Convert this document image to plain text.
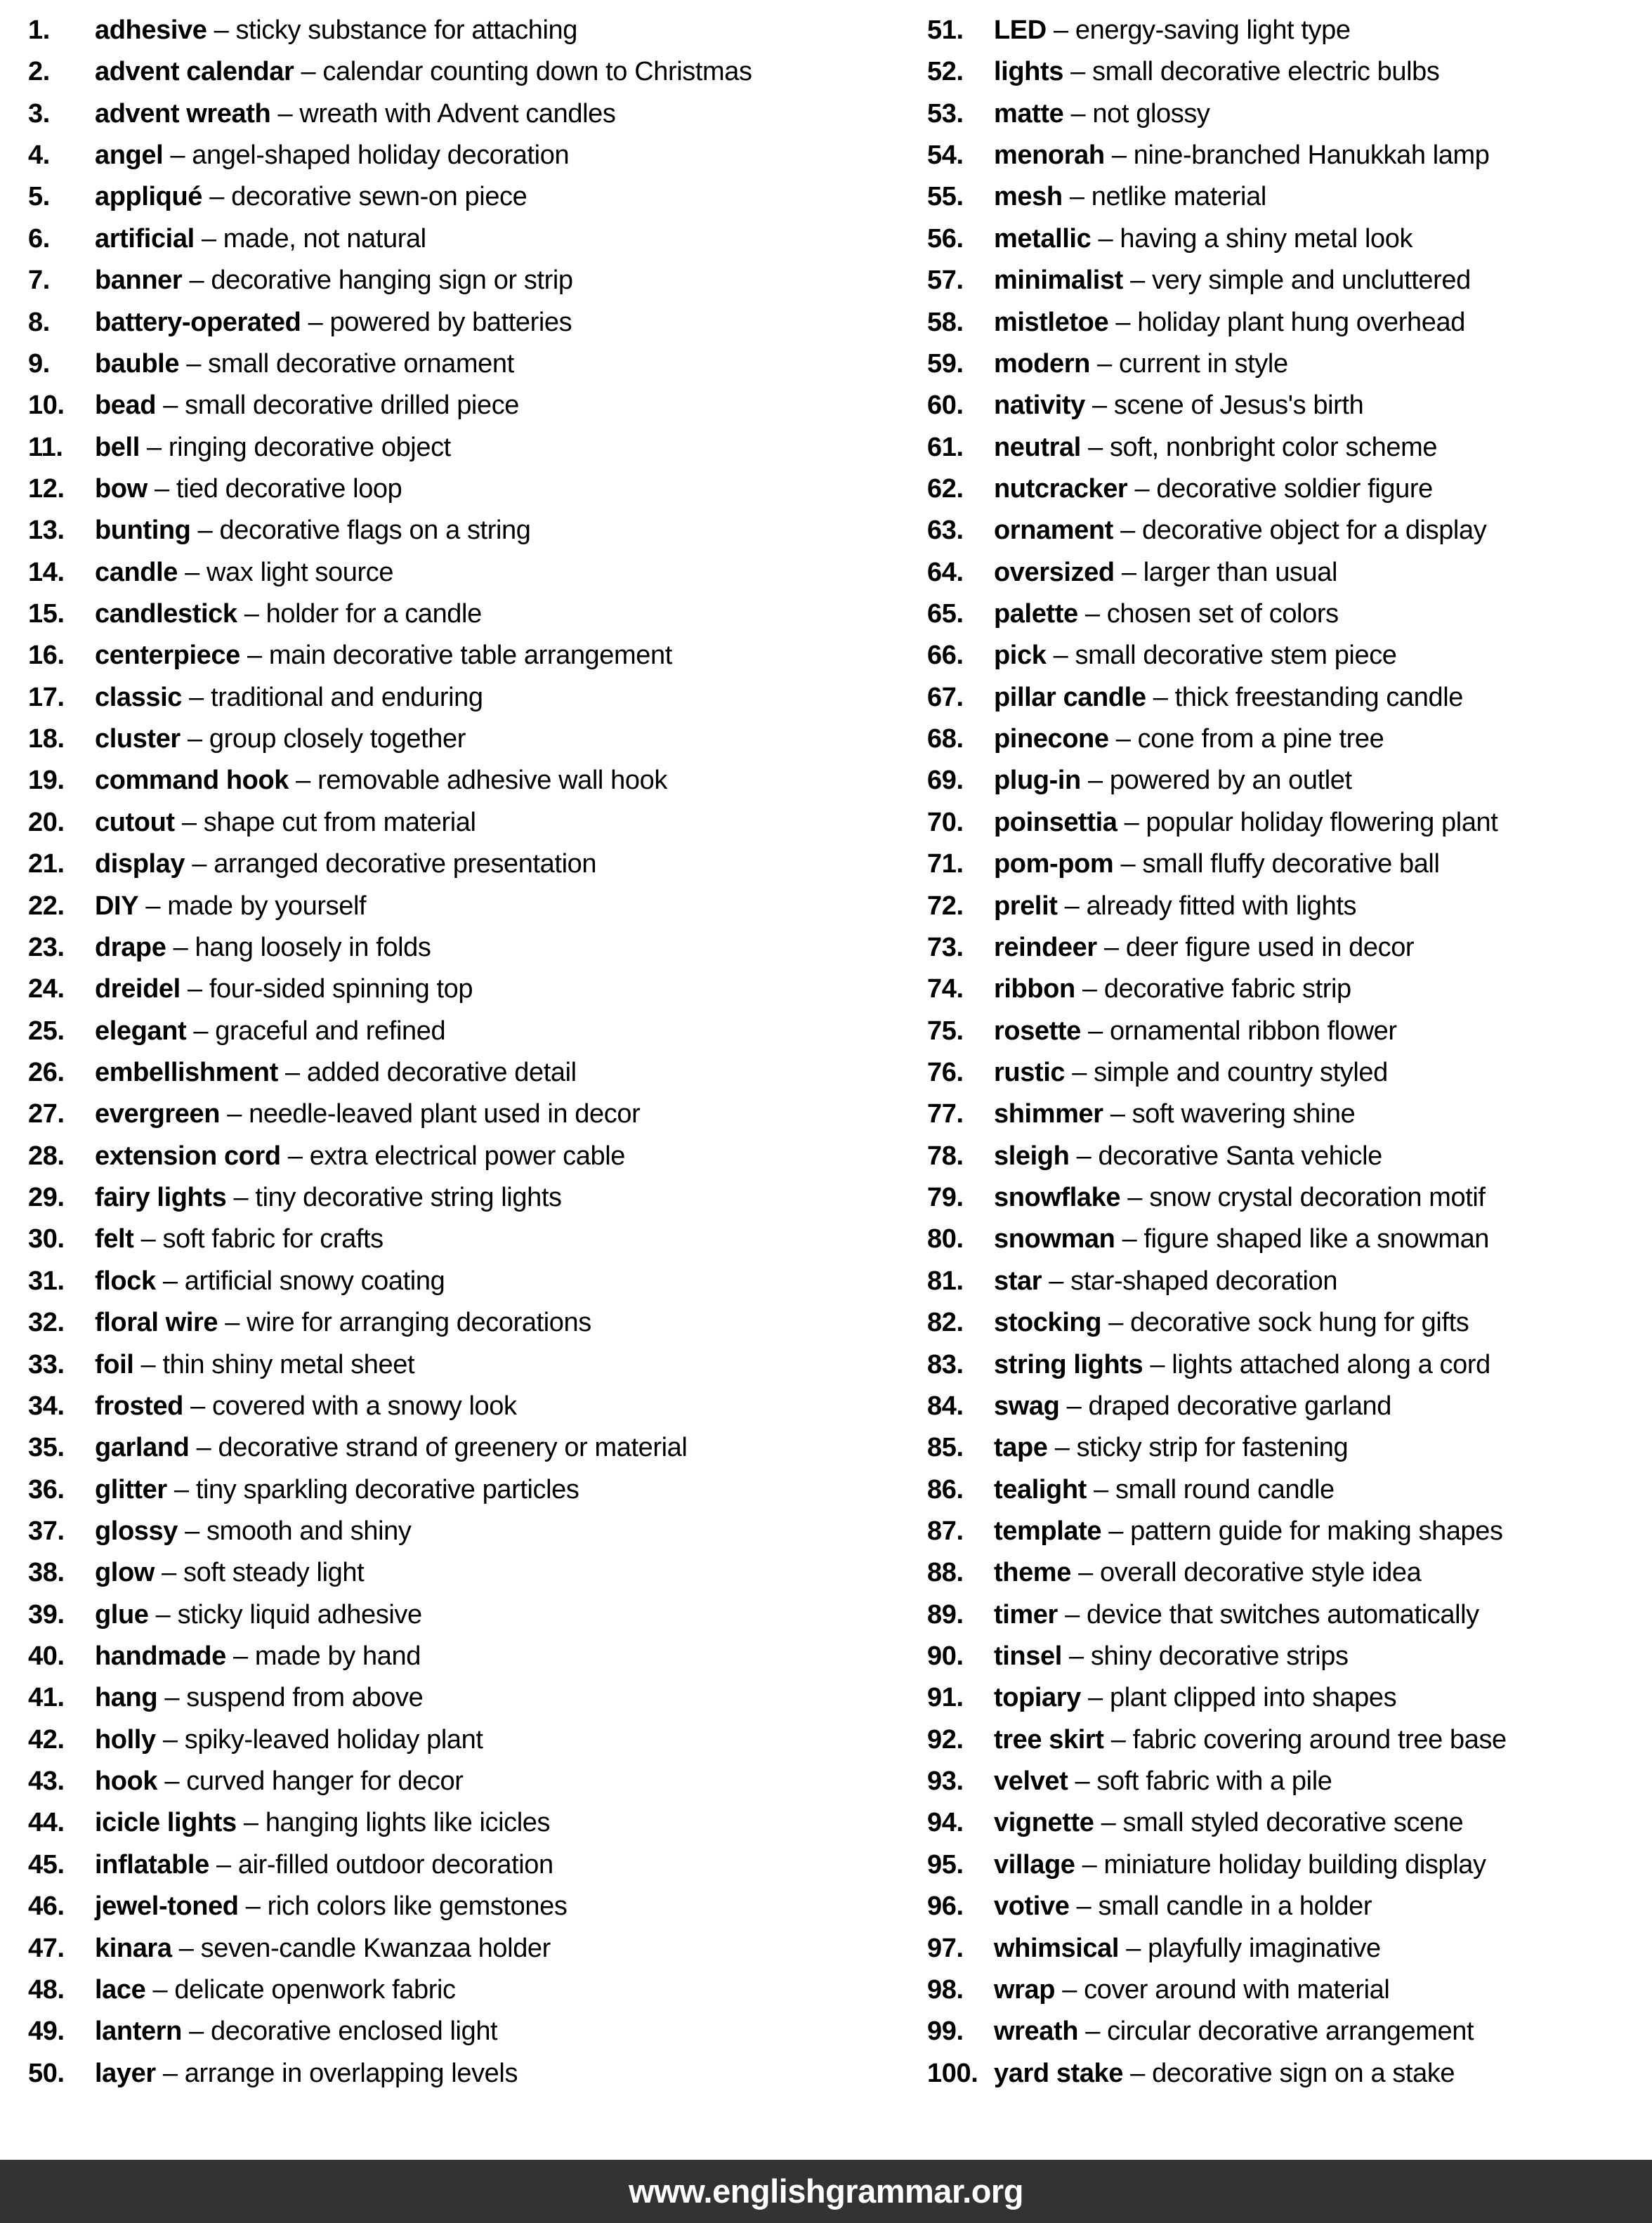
1. adhesive – sticky substance for attaching
2. advent calendar – calendar counting down to Christmas
3. advent wreath – wreath with Advent candles
4. angel – angel-shaped holiday decoration
5. appliqué – decorative sewn-on piece
6. artificial – made, not natural
7. banner – decorative hanging sign or strip
8. battery-operated – powered by batteries
9. bauble – small decorative ornament
10. bead – small decorative drilled piece
11. bell – ringing decorative object
12. bow – tied decorative loop
13. bunting – decorative flags on a string
14. candle – wax light source
15. candlestick – holder for a candle
16. centerpiece – main decorative table arrangement
17. classic – traditional and enduring
18. cluster – group closely together
19. command hook – removable adhesive wall hook
20. cutout – shape cut from material
21. display – arranged decorative presentation
22. DIY – made by yourself
23. drape – hang loosely in folds
24. dreidel – four-sided spinning top
25. elegant – graceful and refined
26. embellishment – added decorative detail
27. evergreen – needle-leaved plant used in decor
28. extension cord – extra electrical power cable
29. fairy lights – tiny decorative string lights
30. felt – soft fabric for crafts
31. flock – artificial snowy coating
32. floral wire – wire for arranging decorations
33. foil – thin shiny metal sheet
34. frosted – covered with a snowy look
35. garland – decorative strand of greenery or material
36. glitter – tiny sparkling decorative particles
37. glossy – smooth and shiny
38. glow – soft steady light
39. glue – sticky liquid adhesive
40. handmade – made by hand
41. hang – suspend from above
42. holly – spiky-leaved holiday plant
43. hook – curved hanger for decor
44. icicle lights – hanging lights like icicles
45. inflatable – air-filled outdoor decoration
46. jewel-toned – rich colors like gemstones
47. kinara – seven-candle Kwanzaa holder
48. lace – delicate openwork fabric
49. lantern – decorative enclosed light
50. layer – arrange in overlapping levels
51. LED – energy-saving light type
52. lights – small decorative electric bulbs
53. matte – not glossy
54. menorah – nine-branched Hanukkah lamp
55. mesh – netlike material
56. metallic – having a shiny metal look
57. minimalist – very simple and uncluttered
58. mistletoe – holiday plant hung overhead
59. modern – current in style
60. nativity – scene of Jesus's birth
61. neutral – soft, nonbright color scheme
62. nutcracker – decorative soldier figure
63. ornament – decorative object for a display
64. oversized – larger than usual
65. palette – chosen set of colors
66. pick – small decorative stem piece
67. pillar candle – thick freestanding candle
68. pinecone – cone from a pine tree
69. plug-in – powered by an outlet
70. poinsettia – popular holiday flowering plant
71. pom-pom – small fluffy decorative ball
72. prelit – already fitted with lights
73. reindeer – deer figure used in decor
74. ribbon – decorative fabric strip
75. rosette – ornamental ribbon flower
76. rustic – simple and country styled
77. shimmer – soft wavering shine
78. sleigh – decorative Santa vehicle
79. snowflake – snow crystal decoration motif
80. snowman – figure shaped like a snowman
81. star – star-shaped decoration
82. stocking – decorative sock hung for gifts
83. string lights – lights attached along a cord
84. swag – draped decorative garland
85. tape – sticky strip for fastening
86. tealight – small round candle
87. template – pattern guide for making shapes
88. theme – overall decorative style idea
89. timer – device that switches automatically
90. tinsel – shiny decorative strips
91. topiary – plant clipped into shapes
92. tree skirt – fabric covering around tree base
93. velvet – soft fabric with a pile
94. vignette – small styled decorative scene
95. village – miniature holiday building display
96. votive – small candle in a holder
97. whimsical – playfully imaginative
98. wrap – cover around with material
99. wreath – circular decorative arrangement
100. yard stake – decorative sign on a stake
www.englishgrammar.org
